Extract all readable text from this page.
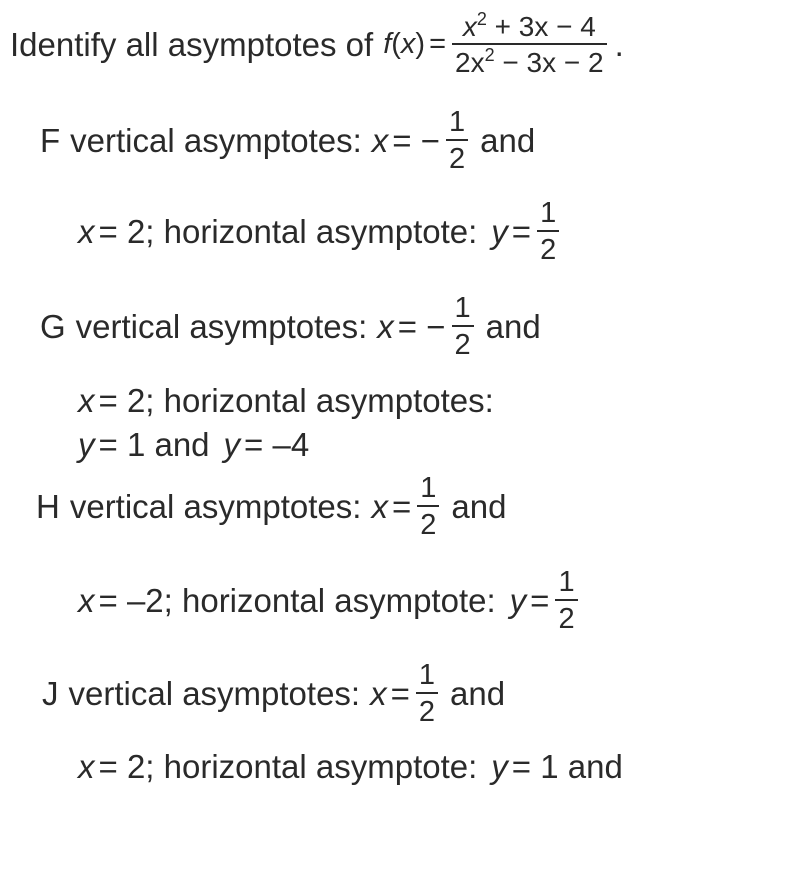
Identify all asymptotes of f ( x ) = $\frac{x^2 + 3x - 4}{2x^2 - 3x - 2}$ .
F vertical asymptotes: x = − $\frac{1}{2}$ and
x = 2; horizontal asymptote: $y = \frac{1}{2}$
G vertical asymptotes: x = − $\frac{1}{2}$ and
x = 2; horizontal asymptotes:
y = 1 and y = –4
H vertical asymptotes: $x = \frac{1}{2}$ and
x = –2; horizontal asymptote: $y = \frac{1}{2}$
J vertical asymptotes: $x = \frac{1}{2}$ and
x = 2; horizontal asymptote: y = 1 and
